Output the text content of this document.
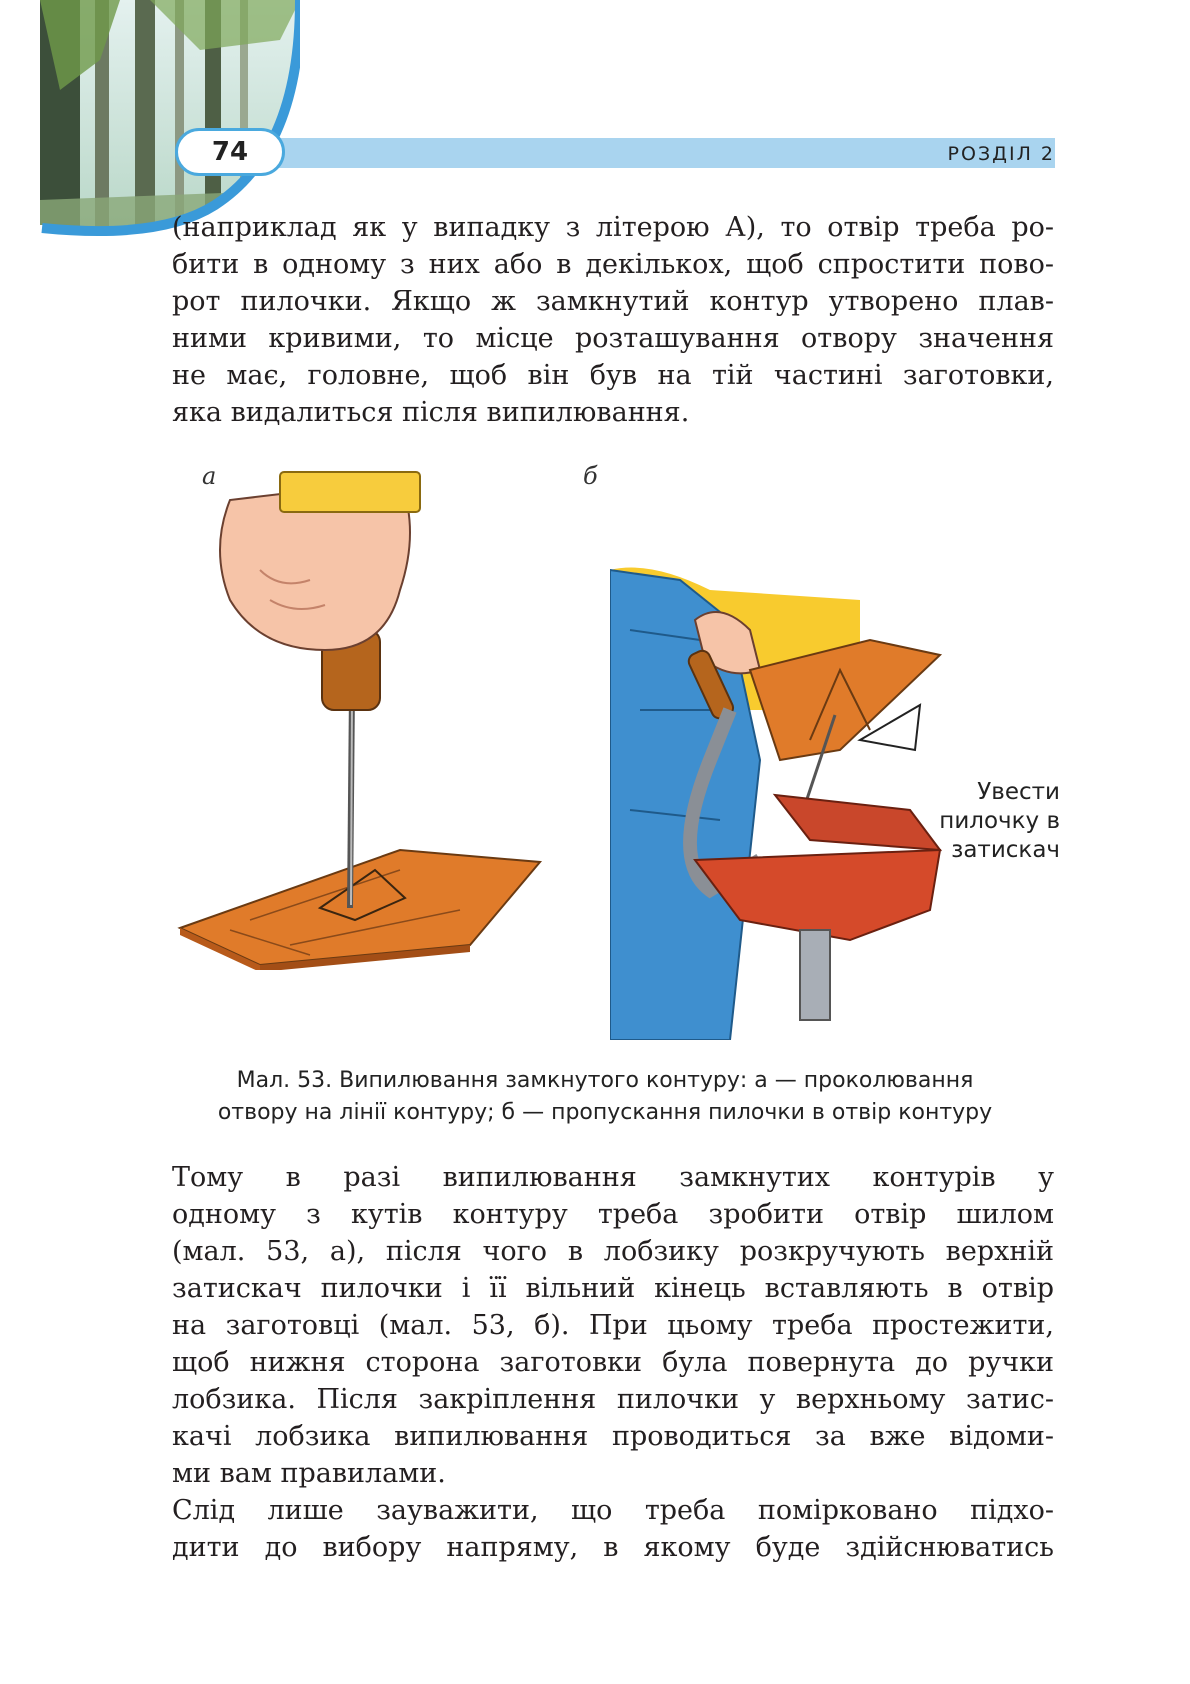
74	РОЗДІЛ 2

(наприклад як у випадку з літерою А), то отвір треба ро-

бити в одному з них або в декількох, щоб спростити пово-

рот пилочки. Якщо ж замкнутий контур утворено плав-

ними кривими, то місце розташування отвору значення

не має, головне, щоб він був на тій частині заготовки,

яка видалиться після випилювання.

а	б
Увести
пилочку в
затискач
Мал. 53. Випилювання замкнутого контуру: а — проколювання
отвору на лінії контуру; б — пропускання пилочки в отвір контуру

Тому в разі випилювання замкнутих контурів у

одному з кутів контуру треба зробити отвір шилом

(мал. 53, а), після чого в лобзику розкручують верхній

затискач пилочки і її вільний кінець вставляють в отвір

на заготовці (мал. 53, б). При цьому треба простежити,

щоб нижня сторона заготовки була повернута до ручки

лобзика. Після закріплення пилочки у верхньому затис-

качі лобзика випилювання проводиться за вже відоми-

ми вам правилами.

Слід лише зауважити, що треба помірковано підхо-

дити до вибору напряму, в якому буде здійснюватись
